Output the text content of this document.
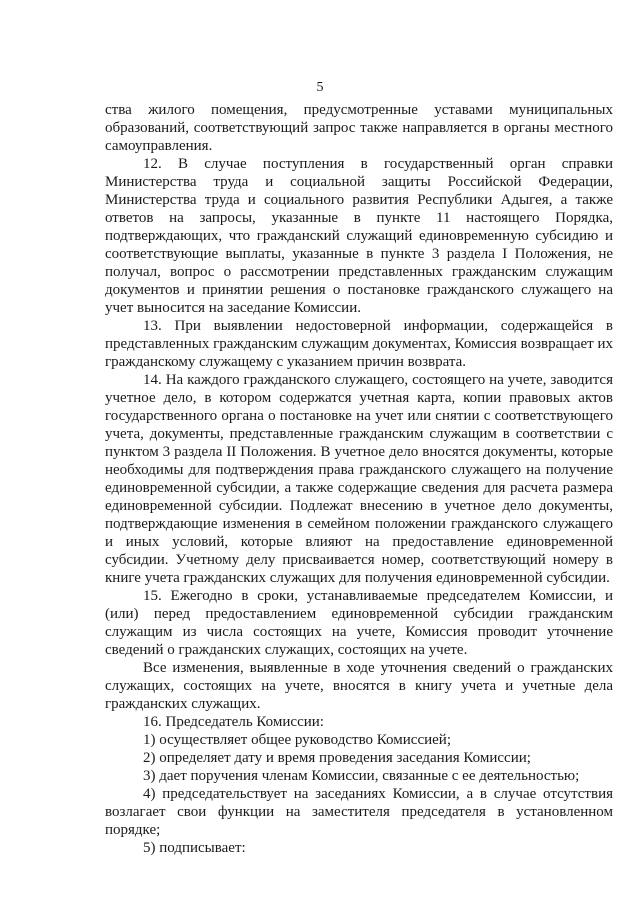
5

ства жилого помещения, предусмотренные уставами муниципальных образований, соответствующий запрос также направляется в органы местного самоуправления.

12. В случае поступления в государственный орган справки Министерства труда и социальной защиты Российской Федерации, Министерства труда и социального развития Республики Адыгея, а также ответов на запросы, указанные в пункте 11 настоящего Порядка, подтверждающих, что гражданский служащий единовременную субсидию и соответствующие выплаты, указанные в пункте 3 раздела I Положения, не получал, вопрос о рассмотрении представленных гражданским служащим документов и принятии решения о постановке гражданского служащего на учет выносится на заседание Комиссии.

13. При выявлении недостоверной информации, содержащейся в представленных гражданским служащим документах, Комиссия возвращает их гражданскому служащему с указанием причин возврата.

14. На каждого гражданского служащего, состоящего на учете, заводится учетное дело, в котором содержатся учетная карта, копии правовых актов государственного органа о постановке на учет или снятии с соответствующего учета, документы, представленные гражданским служащим в соответствии с пунктом 3 раздела II Положения. В учетное дело вносятся документы, которые необходимы для подтверждения права гражданского служащего на получение единовременной субсидии, а также содержащие сведения для расчета размера единовременной субсидии. Подлежат внесению в учетное дело документы, подтверждающие изменения в семейном положении гражданского служащего и иных условий, которые влияют на предоставление единовременной субсидии. Учетному делу присваивается номер, соответствующий номеру в книге учета гражданских служащих для получения единовременной субсидии.

15. Ежегодно в сроки, устанавливаемые председателем Комиссии, и (или) перед предоставлением единовременной субсидии гражданским служащим из числа состоящих на учете, Комиссия проводит уточнение сведений о гражданских служащих, состоящих на учете.

Все изменения, выявленные в ходе уточнения сведений о гражданских служащих, состоящих на учете, вносятся в книгу учета и учетные дела гражданских служащих.

16. Председатель Комиссии:

1) осуществляет общее руководство Комиссией;

2) определяет дату и время проведения заседания Комиссии;

3) дает поручения членам Комиссии, связанные с ее деятельностью;

4) председательствует на заседаниях Комиссии, а в случае отсутствия возлагает свои функции на заместителя председателя в установленном порядке;

5) подписывает:
